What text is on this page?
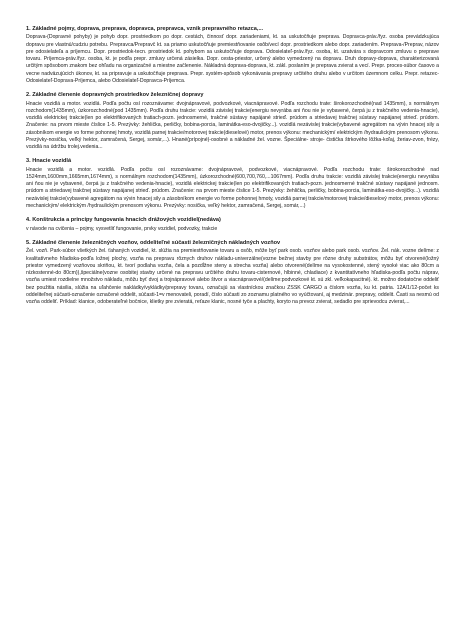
1. Základné pojmy, doprava, preprava, dopravca, prepravca, vznik prepravného retazca,...

Doprava-(Dopravné pohyby) je pohyb dopr. prostriedkom po dopr. cestách, činnosť dopr. zariadeniami, kt. sa uskutočňuje preprava. Dopravca-práv./fyz. osoba prevádzkujúca dopravu pre vlastnú/cudziu potrebu. Prepravca/Prepravč kt. sa priamo uskutočňuje premiestňovanie osôb/vecí dopr. prostriedkom alebo dopr. zariadením. Preprava-/Preprav, názov pre odosielateľa a príjemcu. Dopr. prostriedok-tecn. prostriedok kt. pohybom sa uskutočňuje doprava. Odosielateľ-práv./fyz. osoba, kt. uzatvára s dopravcom zmluvu o preprave tovaru. Príjemca-práv./fyz. osoba, kt. je podľa prepr. zmluvy určená zásielka. Dopr. cesta-priestor, určený alebo vymedzený na dopravu. Druh dopravy-doprava, charakterizovaná určitým spôsobom znakom bez ohľadu na organizačné a miestne začlenenie. Nákladná doprava-doprava, kt. zákl. poslaním je preprava zvierat a vecí. Prepr. proces-súbor časovo a vecne nadväzujúcich úkonov, kt. sa pripravuje a uskutočňuje preprava. Prepr. systém-spôsob vykonávania prepravy určitého druhu alebo v určitom územnom celku. Prepr. retazec-Odosielateľ-Doprava-Príjemca, alebo Odosielateľ-Dopravca-Príjemca.

2. Základné členenie dopravných prostriedkov železničnej dopravy

Hnacie vozidlá a motor. vozidlá. Podľa počtu osí rozoznávame: dvojnápravové, podvozkové, viacnápravové. Podľa rozchodu trate: širokorozchodné(nad 1435mm), s normálnym rozchodom(1435mm), úzkorozchodné(pod 1435mm). Podľa druhu trakcie: vozidlá závislej trakcie(energiu nevyrába ani ňou nie je vybavené, čerpá ju z trakčného vedenia-hnacie), vozidlá elektrickej trakcie(len po elektrifikovaných tratiach-pozn. jednosmerné, trakčné sústavy napájané strieď. prúdom a striedavej trakčnej sústavy napájanej strieď. prúdom. Značenie: na prvom mieste číslice 1-5. Prezývky: žehlička, perličky, bobina-porcia, laminátka-eso-dvojičky...). vozidlá nezávislej trakcie(vybavené agregátom na vývin hnacej sily a zásobníkom energie vo forme pohonnej hmoty, vozidlá parnej trakcie/motorovej trakcie(dieselové) motor, prenos výkonu: mechanickým/ elektrickým /hydraulickým prenosom výkonu. Prezývky-nosička, veľký hektor, zamračená, Sergej, somár,...). Hnané(prípojné)-osobné a nákladné žel. vozne. Špeciálne- stroje- čistička štrkového lôžka-koľaj, žeriav-zvon, frézy, vozidlá na údržbu trolej.vedenia...

3. Hnacie vozidlá

Hnacie vozidlá a motor. vozidlá. Podľa počtu osí rozoznávame: dvojnápravové, podvozkové, viacnápravové. Podľa rozchodu trate: širokorozchodné nad 1524mm,1600mm,1665mm,1674mm), s normálnym rozchodom(1435mm), úzkorozchodné(600,700,760,...1067mm). Podľa druhu trakcie: vozidlá závislej trakcie(energiu nevyrába ani ňou nie je vybavené, čerpá ju z trakčného vedenia-hnacie), vozidlá elektrickej trakcie(len po elektrifikovaných tratiach-pozn. jednosmerné trakčné sústavy napájané jednosm. prúdom a striedavej trakčnej sústavy napájanej strieď. prúdom. Značenie: na prvom mieste číslice 1-5. Prezývky: žehlička, perličky, bobina-porcia, laminátka-eso-dvojičky...). vozidlá nezávislej trakcie(vybavené agregátom na vývin hnacej sily a zásobníkom energie vo forme pohonnej hmoty, vozidlá parnej trakcie/motorovej trakcie/dieselový motor, prenos výkonu: mechanickým/ elektrickým /hydraulickým prenosom výkonu. Prezývky: nosička, veľký hektor, zamračená, Sergej, somár,...)

4. Konštrukcia a princípy fungovania hnacích drážových vozidiel(nedáva)

v návode na cvičenia – pojmy, vysvetliť fungovanie, prvky vozidiel, podvozky, trakcie

5. Základné členenie železničných vozňov, oddeliteľné súčasti železničných nákladných vozňov

Žel. vozň. Park-súbor všetkých žel. ťahaných vozidiel, kt. slúžia na premiestňovanie tovaru a osôb, môže byť park osob. vozňov alebo park osob. vozňov. Žel. nák. vozne delíme: z kvalitatívneho hľadiska-podľa ložnej plochy, vozňa na prepravu rôznych druhov nákladu-univerzálne(vozne bežnej stavby pre rôzne druhy substrátov, môžu byť otvorené(ložný priestor vymedzený vozňovou skriňou, kt. tvorí podlaha vozňa, čela a pozdĺžne steny a strecha vozňa) alebo otvorené(delíme na vysokostenné, stený vysoké viac ako 80cm a nízkostenné-do 80cm)),špeciálne(vozne osobitej stavby určené na prepravu určitého druhu tovaru-cisternové, hlbinné, chladiace) z kvantitatívneho hľadiska-podľa počtu náprav, vozňa umiest rozdielne množstvo nákladu, môžu byť dvoj a trojnápravové alebo štvor a viacnápravové/(delíme:podvozkové kt. sú zkl. veľkokapacitné). kt. možno dodatočne oddeliť bez použitia násilia, slúžia na uľahčenie nakládky/vykládky/prepravy tovaru, označujú sa vlastníckou značkou ZSSK CARGO a číslom vozňa, ku kt. patria. 12A/1/12-počet ks oddeliteľnej súčasti-označenie označené oddelit, súčasti-1=v menovateli, poradí, číslo súčasti zo zoznamu platného vo vyúčtovaní, aj medzinár. prepravy, oddelit. Časti sa nesmú od vozňa oddeliť. Príklad: klanice, odoberateľné bočnice, klietky pre zvieratá, reťaze klanic, nosné tyče a plachty, koryto na prevoz zvierat, sedadlo pre sprievodcu zvierat,...
